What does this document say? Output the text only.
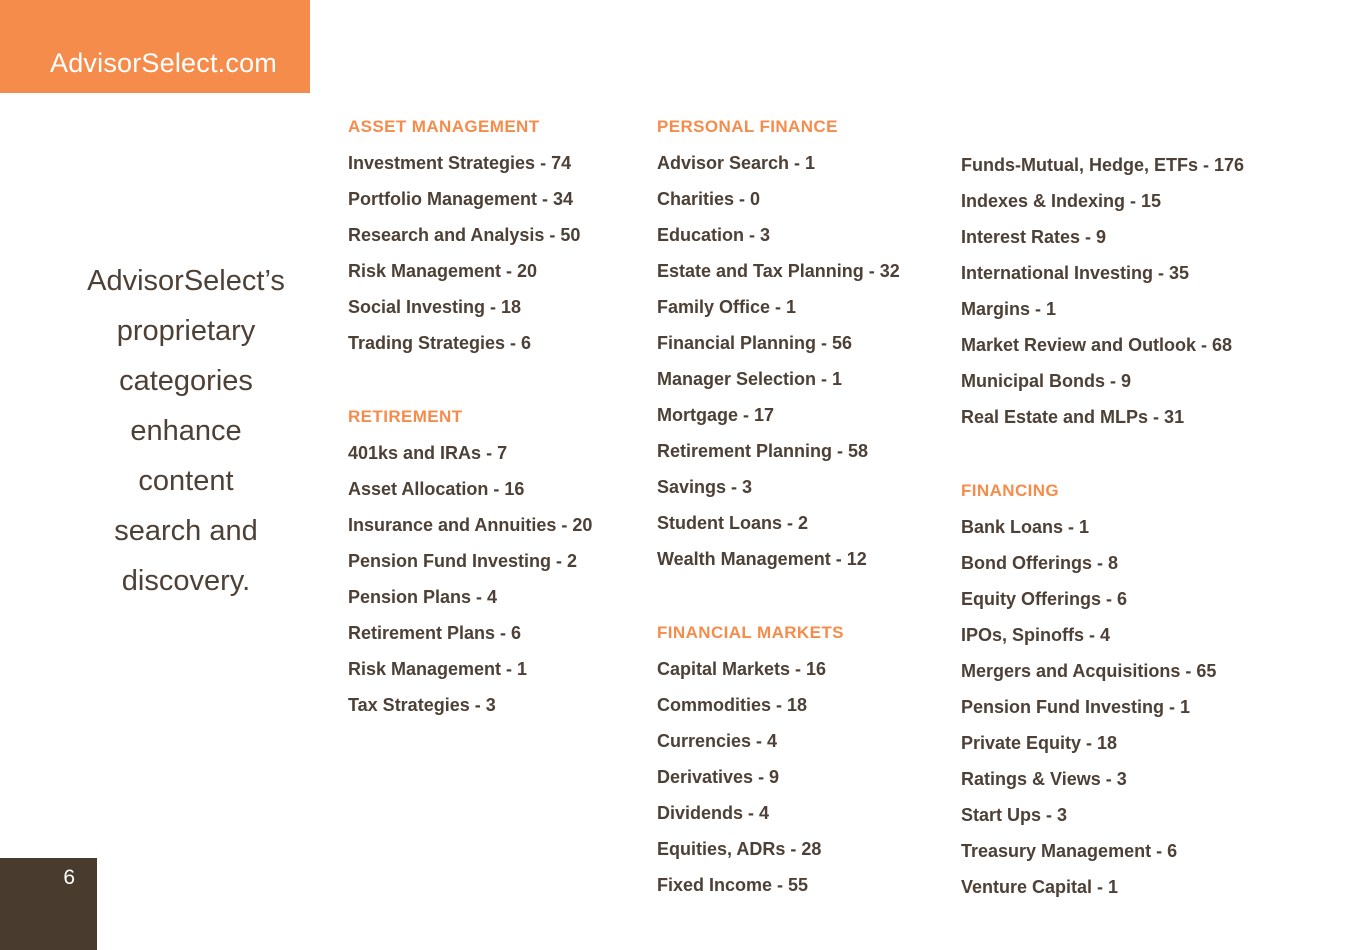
AdvisorSelect.com
AdvisorSelect’s
proprietary
categories
enhance
content
search and
discovery.
ASSET MANAGEMENT
Investment Strategies - 74
Portfolio Management - 34
Research and Analysis - 50
Risk Management - 20
Social Investing - 18
Trading Strategies - 6
RETIREMENT
401ks and IRAs - 7
Asset Allocation - 16
Insurance and Annuities - 20
Pension Fund Investing - 2
Pension Plans - 4
Retirement Plans - 6
Risk Management - 1
Tax Strategies - 3
PERSONAL FINANCE
Advisor Search - 1
Charities - 0
Education - 3
Estate and Tax Planning - 32
Family Office - 1
Financial Planning - 56
Manager Selection - 1
Mortgage - 17
Retirement Planning - 58
Savings - 3
Student Loans - 2
Wealth Management - 12
FINANCIAL MARKETS
Capital Markets - 16
Commodities - 18
Currencies - 4
Derivatives - 9
Dividends - 4
Equities, ADRs - 28
Fixed Income - 55
Funds-Mutual, Hedge, ETFs - 176
Indexes & Indexing - 15
Interest Rates - 9
International Investing - 35
Margins - 1
Market Review and Outlook - 68
Municipal Bonds - 9
Real Estate and MLPs - 31
FINANCING
Bank Loans - 1
Bond Offerings - 8
Equity Offerings - 6
IPOs, Spinoffs - 4
Mergers and Acquisitions - 65
Pension Fund Investing - 1
Private Equity - 18
Ratings & Views - 3
Start Ups - 3
Treasury Management - 6
Venture Capital - 1
6
